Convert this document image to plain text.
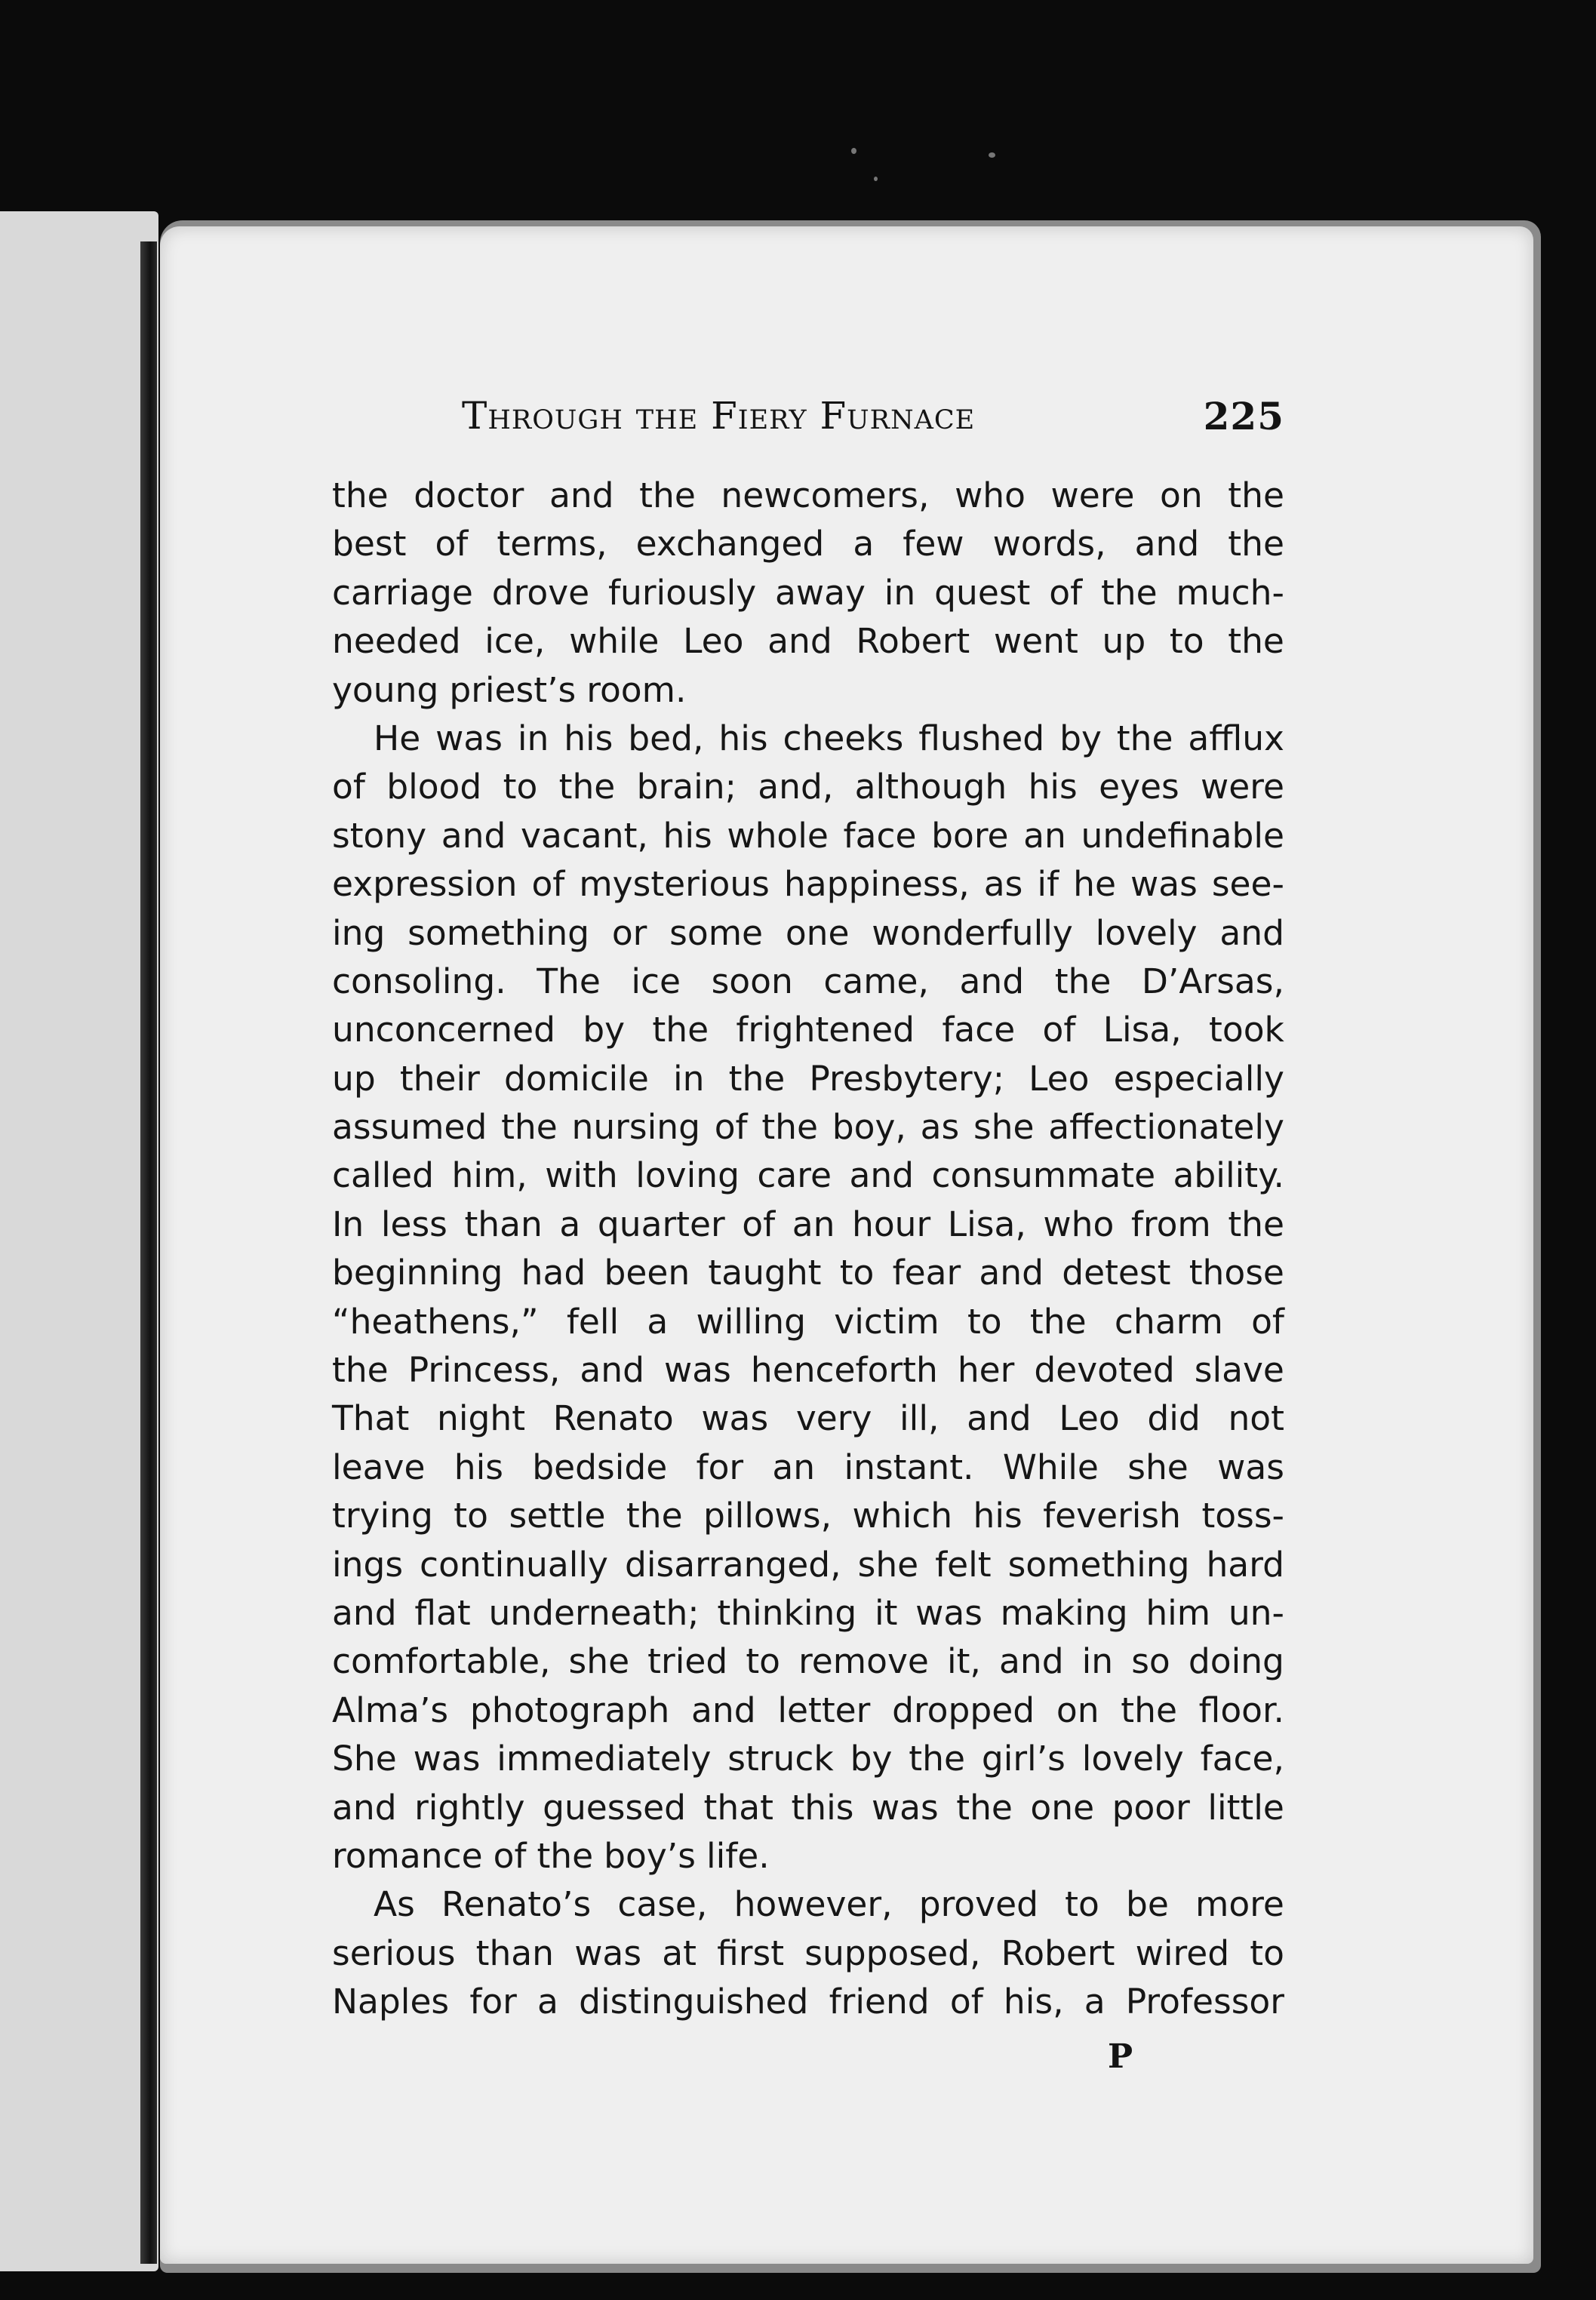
Through the Fiery Furnace	225
the doctor and the newcomers, who were on the
best of terms, exchanged a few words, and the
carriage drove furiously away in quest of the much-
needed ice, while Leo and Robert went up to the
young priest’s room.
He was in his bed, his cheeks flushed by the afflux
of blood to the brain; and, although his eyes were
stony and vacant, his whole face bore an undefinable
expression of mysterious happiness, as if he was see-
ing something or some one wonderfully lovely and
consoling. The ice soon came, and the D’Arsas,
unconcerned by the frightened face of Lisa, took
up their domicile in the Presbytery; Leo especially
assumed the nursing of the boy, as she affectionately
called him, with loving care and consummate ability.
In less than a quarter of an hour Lisa, who from the
beginning had been taught to fear and detest those
“heathens,” fell a willing victim to the charm of
the Princess, and was henceforth her devoted slave
That night Renato was very ill, and Leo did not
leave his bedside for an instant. While she was
trying to settle the pillows, which his feverish toss-
ings continually disarranged, she felt something hard
and flat underneath; thinking it was making him un-
comfortable, she tried to remove it, and in so doing
Alma’s photograph and letter dropped on the floor.
She was immediately struck by the girl’s lovely face,
and rightly guessed that this was the one poor little
romance of the boy’s life.
As Renato’s case, however, proved to be more
serious than was at first supposed, Robert wired to
Naples for a distinguished friend of his, a Professor
P
